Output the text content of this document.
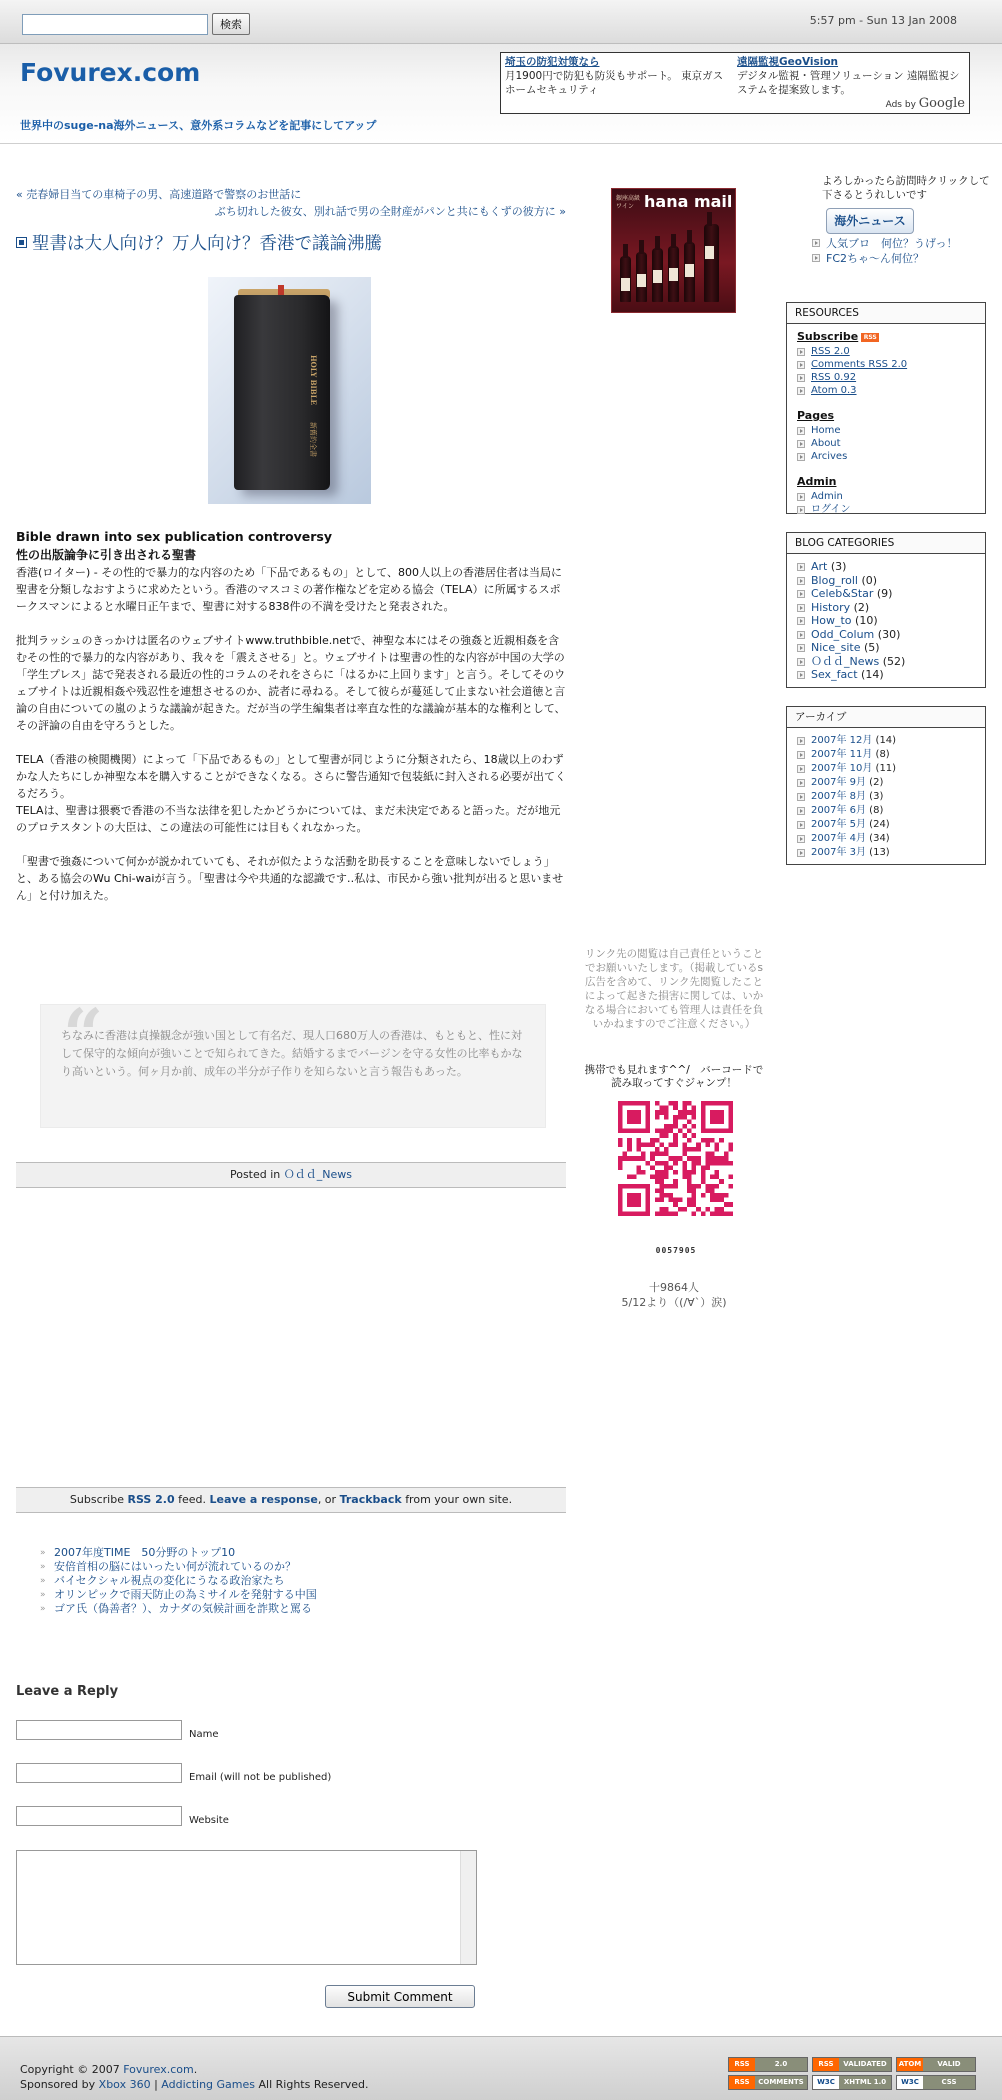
検索	5:57 pm - Sun 13 Jan 2008
Fovurex.com
世界中のsuge-na海外ニュース、意外系コラムなどを記事にしてアップ
埼玉の防犯対策なら
月1900円で防犯も防災もサポート。 東京ガスホームセキュリティ
遠隔監視GeoVision
デジタル監視・管理ソリューション 遠隔監視システムを提案致します。
Ads by Google
« 売春婦目当ての車椅子の男、高速道路で警察のお世話に
ぶち切れした彼女、別れ話で男の全財産がパンと共にもくずの彼方に »
聖書は大人向け？万人向け？香港で議論沸騰
HOLY BIBLE
新舊約全書
Bible drawn into sex publication controversy
性の出版論争に引き出される聖書

香港(ロイター) - その性的で暴力的な内容のため「下品であるもの」として、800人以上の香港居住者は当局に聖書を分類しなおすように求めたという。香港のマスコミの著作権などを定める協会（TELA）に所属するスポークスマンによると水曜日正午まで、聖書に対する838件の不満を受けたと発表された。

批判ラッシュのきっかけは匿名のウェブサイトwww.truthbible.netで、神聖な本にはその強姦と近親相姦を含むその性的で暴力的な内容があり、我々を「震えさせる」と。ウェブサイトは聖書の性的な内容が中国の大学の「学生プレス」誌で発表される最近の性的コラムのそれをさらに「はるかに上回ります」と言う。そしてそのウェブサイトは近親相姦や残忍性を連想させるのか、読者に尋ねる。そして彼らが蔓延して止まない社会道徳と言論の自由についての嵐のような議論が起きた。だが当の学生編集者は率直な性的な議論が基本的な権利として、その評論の自由を守ろうとした。

TELA（香港の検閲機関）によって「下品であるもの」として聖書が同じように分類されたら、18歳以上のわずかな人たちにしか神聖な本を購入することができなくなる。さらに警告通知で包装紙に封入される必要が出てくるだろう。
TELAは、聖書は猥褻で香港の不当な法律を犯したかどうかについては、まだ未決定であると語った。だが地元のプロテスタントの大臣は、この違法の可能性には目もくれなかった。

「聖書で強姦について何かが説かれていても、それが似たような活動を助長することを意味しないでしょう」と、ある協会のWu Chi-waiが言う。「聖書は今や共通的な認識です‥私は、市民から強い批判が出ると思いません」と付け加えた。

“
ちなみに香港は貞操観念が強い国として有名だ、現人口680万人の香港は、もともと、性に対して保守的な傾向が強いことで知られてきた。結婚するまでバージンを守る女性の比率もかなり高いという。何ヶ月か前、成年の半分が子作りを知らないと言う報告もあった。
Posted in Ｏｄｄ_News
Subscribe RSS 2.0 feed. Leave a response, or Trackback from your own site.
» 2007年度TIME　50分野のトップ10
» 安倍首相の脳にはいったい何が流れているのか？
» バイセクシャル視点の変化にうなる政治家たち
» オリンピックで雨天防止の為ミサイルを発射する中国
» ゴア氏（偽善者？）、カナダの気候計画を詐欺と罵る
Leave a Reply
Name
Email (will not be published)
Website
Submit Comment
銀座高級ワイン hana mail
リンク先の閲覧は自己責任ということでお願いいたします。（掲載しているs広告を含めて、リンク先閲覧したことによって起きた損害に関しては、いかなる場合においても管理人は責任を負いかねますのでご注意ください。）
携帯でも見れます^^/　バーコードで読み取ってすぐジャンプ！
0057905
十9864人
5/12より（(/∀`）涙)
よろしかったら訪問時クリックして下さるとうれしいです
海外ニュース
人気ブロ　何位？うげっ！
FC2ちゃ〜ん何位？
RESOURCES
Subscribe RSS
RSS 2.0
Comments RSS 2.0
RSS 0.92
Atom 0.3
Pages
Home
About
Arcives
Admin
Admin
ログイン
BLOG CATEGORIES
Art (3)
Blog_roll (0)
Celeb&Star (9)
History (2)
How_to (10)
Odd_Colum (30)
Nice_site (5)
Ｏｄｄ_News (52)
Sex_fact (14)
アーカイブ
2007年 12月 (14)
2007年 11月 (8)
2007年 10月 (11)
2007年 9月 (2)
2007年 8月 (3)
2007年 6月 (8)
2007年 5月 (24)
2007年 4月 (34)
2007年 3月 (13)
Copyright © 2007 Fovurex.com.
Sponsored by Xbox 360 | Addicting Games All Rights Reserved.
RSS	2.0	RSS VALIDATED	ATOM VALID
RSS COMMENTS	W3C XHTML 1.0	W3C	CSS
